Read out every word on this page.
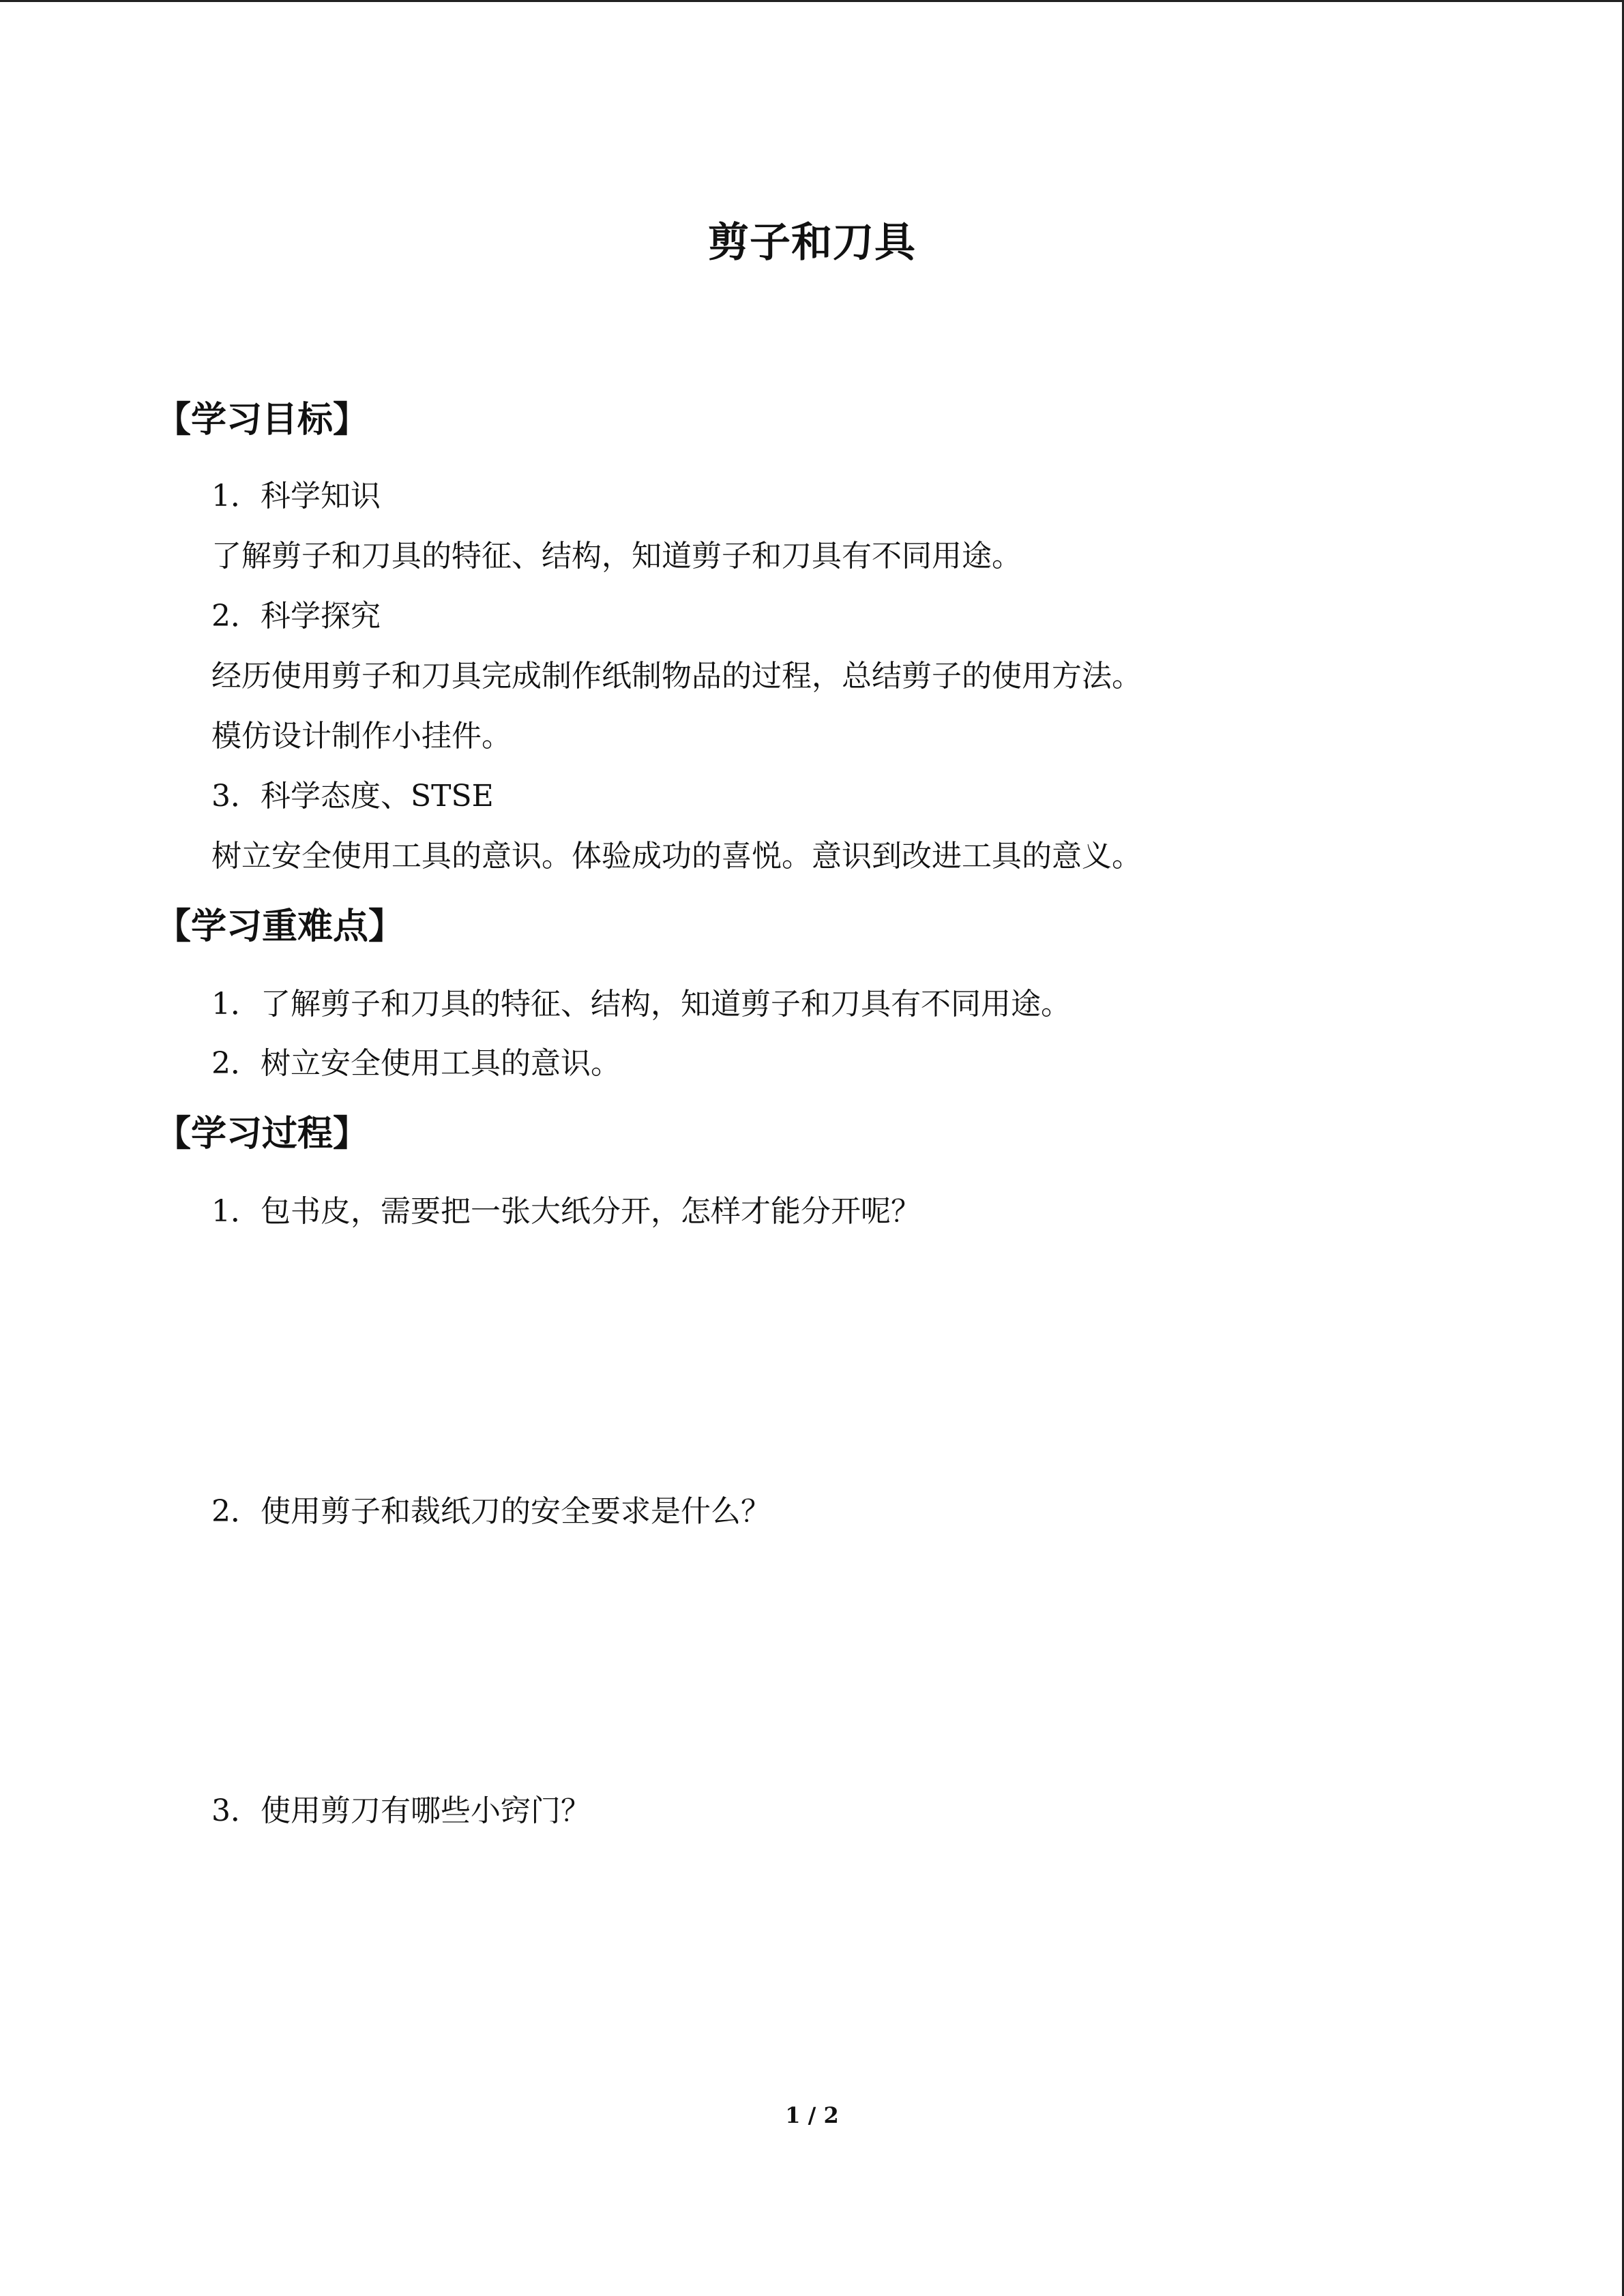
剪子和刀具
【学习目标】
1．科学知识
了解剪子和刀具的特征、结构，知道剪子和刀具有不同用途。
2．科学探究
经历使用剪子和刀具完成制作纸制物品的过程，总结剪子的使用方法。
模仿设计制作小挂件。
3．科学态度、STSE
树立安全使用工具的意识。体验成功的喜悦。意识到改进工具的意义。
【学习重难点】
1．了解剪子和刀具的特征、结构，知道剪子和刀具有不同用途。
2．树立安全使用工具的意识。
【学习过程】
1．包书皮，需要把一张大纸分开，怎样才能分开呢？
2．使用剪子和裁纸刀的安全要求是什么？
3．使用剪刀有哪些小窍门？
1 / 2
